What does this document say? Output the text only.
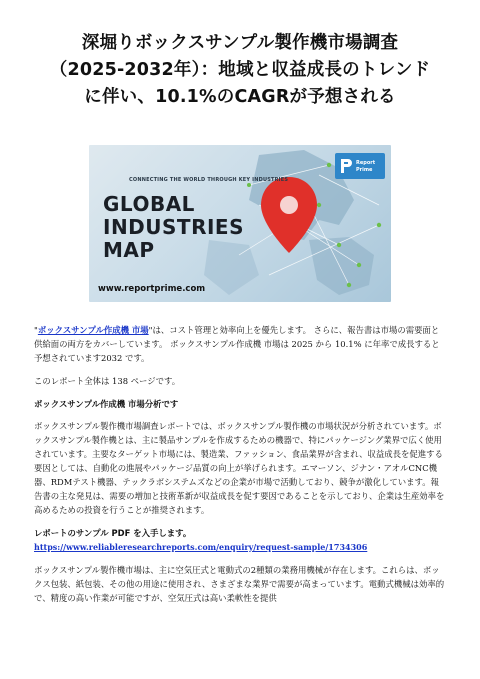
深堀りボックスサンプル製作機市場調査
（2025-2032年）：地域と収益成長のトレンド
に伴い、10.1%のCAGRが予想される
CONNECTING THE WORLD THROUGH KEY INDUSTRIES
GLOBAL
INDUSTRIES
MAP
www.reportprime.com
Report
Prime

"ボックスサンプル作成機 市場"は、コスト管理と効率向上を優先します。 さらに、報告書は市場の需要面と供給面の両方をカバーしています。 ボックスサンプル作成機 市場は 2025 から 10.1% に年率で成長すると予想されています2032 です。

このレポート全体は 138 ページです。

ボックスサンプル作成機 市場分析です

ボックスサンプル製作機市場調査レポートでは、ボックスサンプル製作機の市場状況が分析されています。ボックスサンプル製作機とは、主に製品サンプルを作成するための機器で、特にパッケージング業界で広く使用されています。主要なターゲット市場には、製造業、ファッション、食品業界が含まれ、収益成長を促進する要因としては、自動化の進展やパッケージ品質の向上が挙げられます。エマーソン、ジナン・アオルCNC機器、RDMテスト機器、テックラボシステムズなどの企業が市場で活動しており、競争が激化しています。報告書の主な発見は、需要の増加と技術革新が収益成長を促す要因であることを示しており、企業は生産効率を高めるための投資を行うことが推奨されます。

レポートのサンプル PDF を入手します。 https://www.reliableresearchreports.com/enquiry/request-sample/1734306

ボックスサンプル製作機市場は、主に空気圧式と電動式の2種類の業務用機械が存在します。これらは、ボックス包装、紙包装、その他の用途に使用され、さまざまな業界で需要が高まっています。電動式機械は効率的で、精度の高い作業が可能ですが、空気圧式は高い柔軟性を提供
